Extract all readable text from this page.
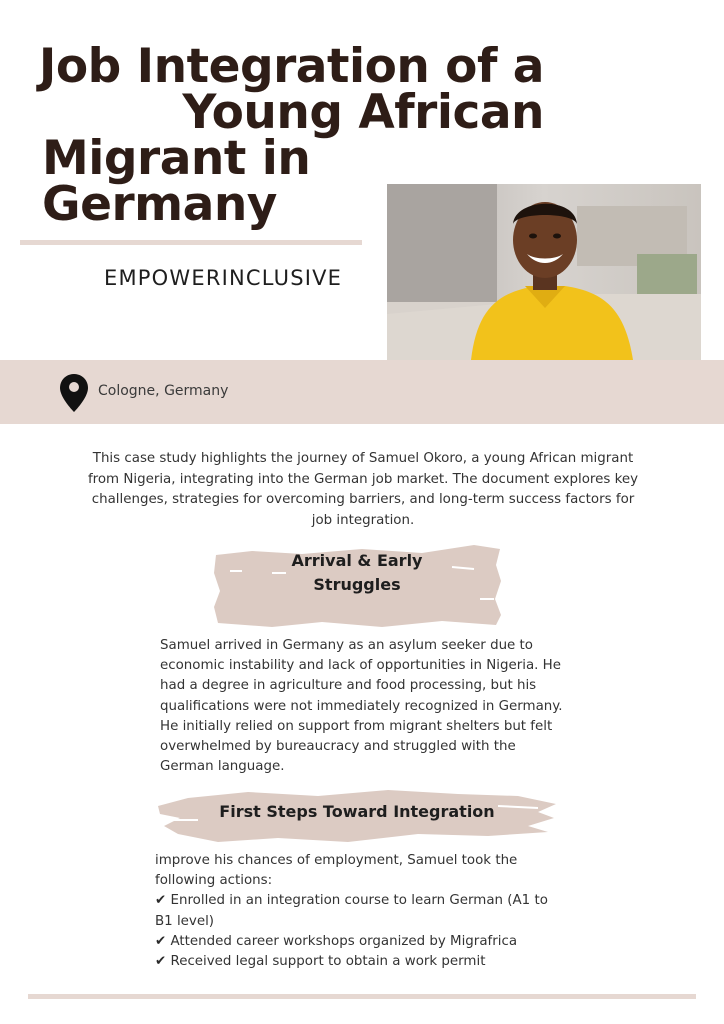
Job Integration of a
Young African
Migrant in Germany
EMPOWERINCLUSIVE
Cologne, Germany

This case study highlights the journey of Samuel Okoro, a young African migrant from Nigeria, integrating into the German job market. The document explores key challenges, strategies for overcoming barriers, and long-term success factors for job integration.

Arrival & Early
Struggles

Samuel arrived in Germany as an asylum seeker due to economic instability and lack of opportunities in Nigeria. He had a degree in agriculture and food processing, but his qualifications were not immediately recognized in Germany. He initially relied on support from migrant shelters but felt overwhelmed by bureaucracy and struggled with the German language.

First Steps Toward Integration
improve his chances of employment, Samuel took the following actions:
✔ Enrolled in an integration course to learn German (A1 to B1 level)
✔ Attended career workshops organized by Migrafrica
✔ Received legal support to obtain a work permit
